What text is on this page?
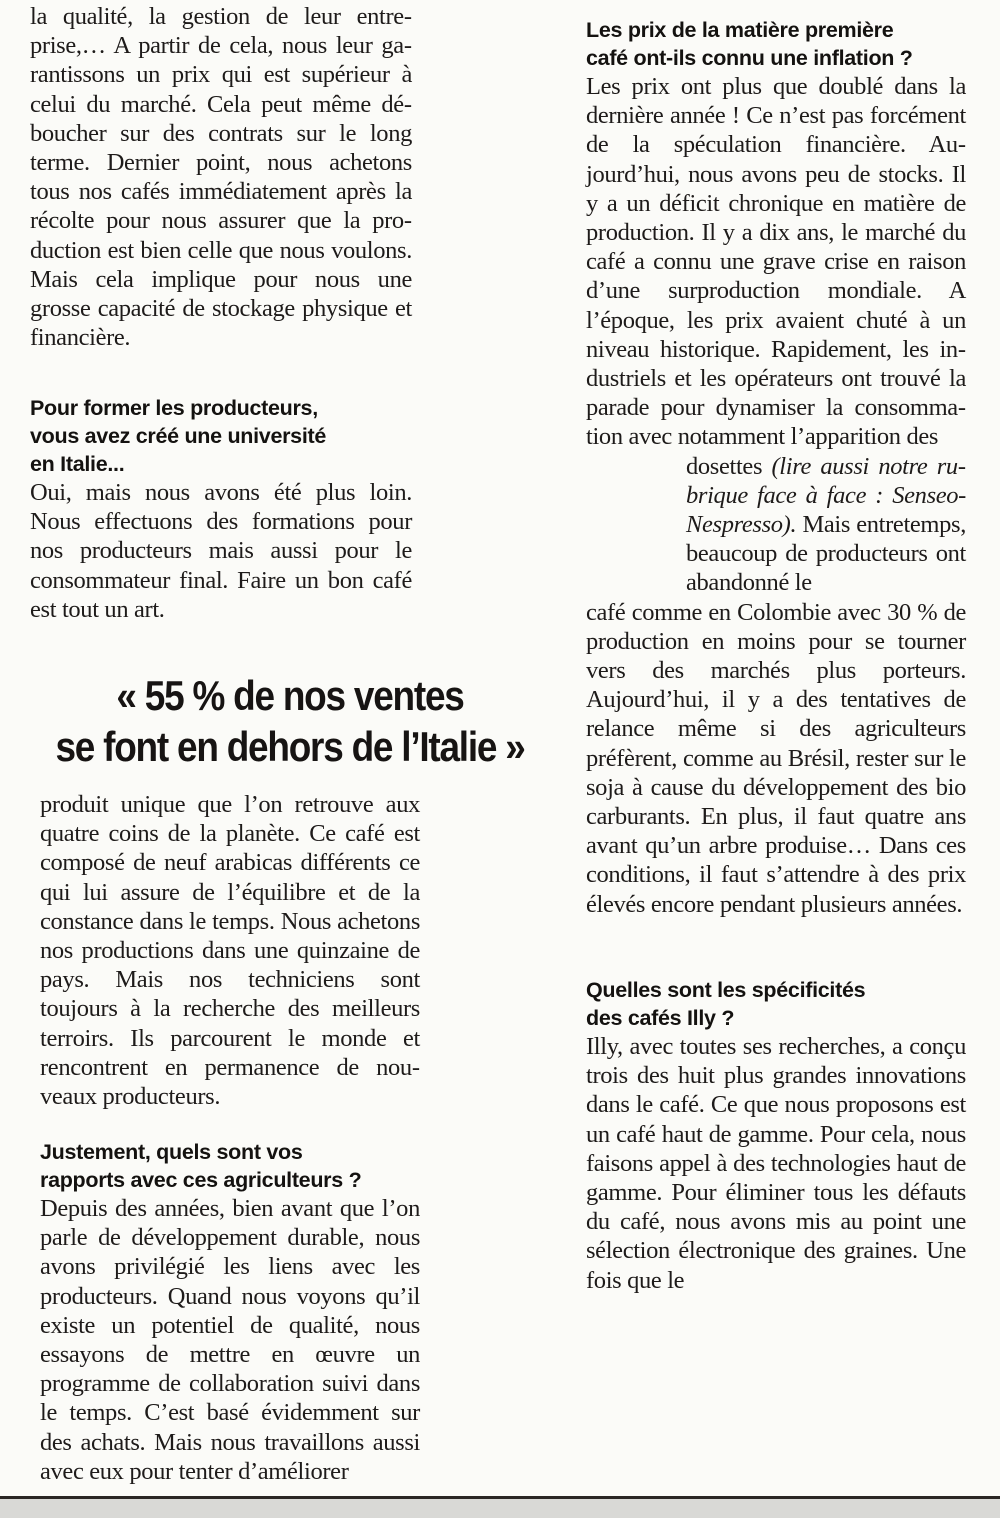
la qualité, la gestion de leur entreprise,… A partir de cela, nous leur garantissons un prix qui est supérieur à celui du marché. Cela peut même déboucher sur des contrats sur le long terme. Dernier point, nous achetons tous nos cafés immédiatement après la récolte pour nous assurer que la production est bien celle que nous voulons. Mais cela implique pour nous une grosse capacité de stockage physique et financière.

Pour former les producteurs,
vous avez créé une université
en Italie...

Oui, mais nous avons été plus loin. Nous effectuons des formations pour nos producteurs mais aussi pour le consommateur final. Faire un bon café est tout un art.

« 55 % de nos ventes
se font en dehors de l’Italie »

produit unique que l’on retrouve aux quatre coins de la planète. Ce café est composé de neuf arabicas différents ce qui lui assure de l’équilibre et de la constance dans le temps. Nous achetons nos productions dans une quinzaine de pays. Mais nos techniciens sont toujours à la recherche des meilleurs terroirs. Ils parcourent le monde et rencontrent en permanence de nouveaux producteurs.

Justement, quels sont vos
rapports avec ces agriculteurs ?

Depuis des années, bien avant que l’on parle de développement durable, nous avons privilégié les liens avec les producteurs. Quand nous voyons qu’il existe un potentiel de qualité, nous essayons de mettre en œuvre un programme de collaboration suivi dans le temps. C’est basé évidemment sur des achats. Mais nous travaillons aussi avec eux pour tenter d’améliorer

Les prix de la matière première
café ont-ils connu une inflation ?

Les prix ont plus que doublé dans la dernière année ! Ce n’est pas forcément de la spéculation financière. Aujourd’hui, nous avons peu de stocks. Il y a un déficit chronique en matière de production. Il y a dix ans, le marché du café a connu une grave crise en raison d’une surproduction mondiale. A l’époque, les prix avaient chuté à un niveau historique. Rapidement, les industriels et les opérateurs ont trouvé la parade pour dynamiser la consommation avec notamment l’apparition des

dosettes (lire aussi notre rubrique face à face : Senseo-Nespresso). Mais entretemps, beaucoup de producteurs ont abandonné le

café comme en Colombie avec 30 % de production en moins pour se tourner vers des marchés plus porteurs. Aujourd’hui, il y a des tentatives de relance même si des agriculteurs préfèrent, comme au Brésil, rester sur le soja à cause du développement des bio carburants. En plus, il faut quatre ans avant qu’un arbre produise… Dans ces conditions, il faut s’attendre à des prix élevés encore pendant plusieurs années.

Quelles sont les spécificités
des cafés Illy ?

Illy, avec toutes ses recherches, a conçu trois des huit plus grandes innovations dans le café. Ce que nous proposons est un café haut de gamme. Pour cela, nous faisons appel à des technologies haut de gamme. Pour éliminer tous les défauts du café, nous avons mis au point une sélection électronique des graines. Une fois que le
